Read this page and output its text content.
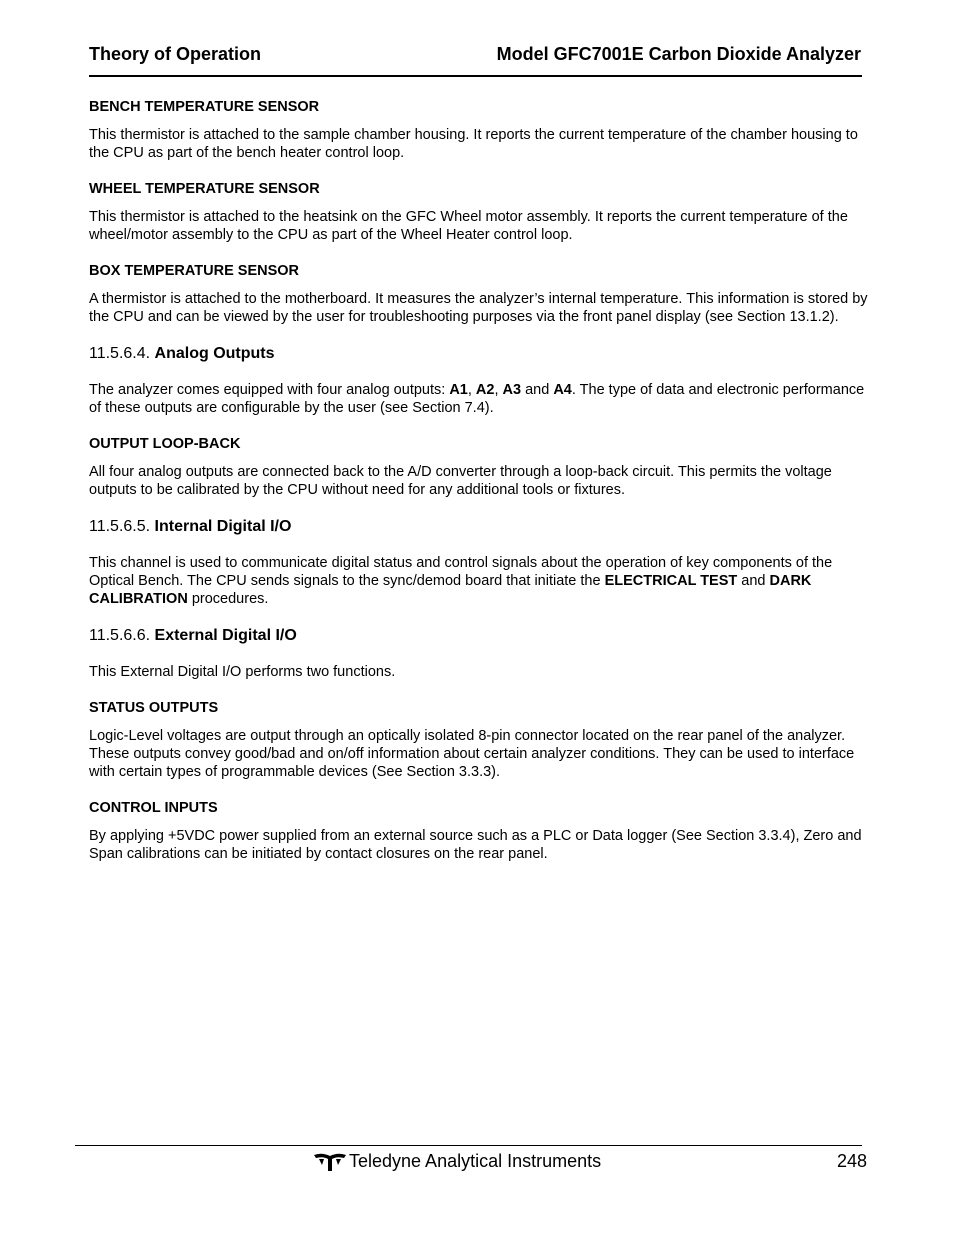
Theory of Operation	Model GFC7001E Carbon Dioxide Analyzer

BENCH TEMPERATURE SENSOR

This thermistor is attached to the sample chamber housing. It reports the current temperature of the chamber housing to the CPU as part of the bench heater control loop.

WHEEL TEMPERATURE SENSOR

This thermistor is attached to the heatsink on the GFC Wheel motor assembly. It reports the current temperature of the wheel/motor assembly to the CPU as part of the Wheel Heater control loop.

BOX TEMPERATURE SENSOR

A thermistor is attached to the motherboard. It measures the analyzer’s internal temperature. This information is stored by the CPU and can be viewed by the user for troubleshooting purposes via the front panel display (see Section 13.1.2).

11.5.6.4. Analog Outputs

The analyzer comes equipped with four analog outputs: A1, A2, A3 and A4. The type of data and electronic performance of these outputs are configurable by the user (see Section 7.4).

OUTPUT LOOP-BACK

All four analog outputs are connected back to the A/D converter through a loop-back circuit. This permits the voltage outputs to be calibrated by the CPU without need for any additional tools or fixtures.

11.5.6.5. Internal Digital I/O

This channel is used to communicate digital status and control signals about the operation of key components of the Optical Bench. The CPU sends signals to the sync/demod board that initiate the ELECTRICAL TEST and DARK CALIBRATION procedures.

11.5.6.6. External Digital I/O

This External Digital I/O performs two functions.

STATUS OUTPUTS

Logic-Level voltages are output through an optically isolated 8-pin connector located on the rear panel of the analyzer. These outputs convey good/bad and on/off information about certain analyzer conditions. They can be used to interface with certain types of programmable devices (See Section 3.3.3).

CONTROL INPUTS

By applying +5VDC power supplied from an external source such as a PLC or Data logger (See Section 3.3.4), Zero and Span calibrations can be initiated by contact closures on the rear panel.

Teledyne Analytical Instruments	248
